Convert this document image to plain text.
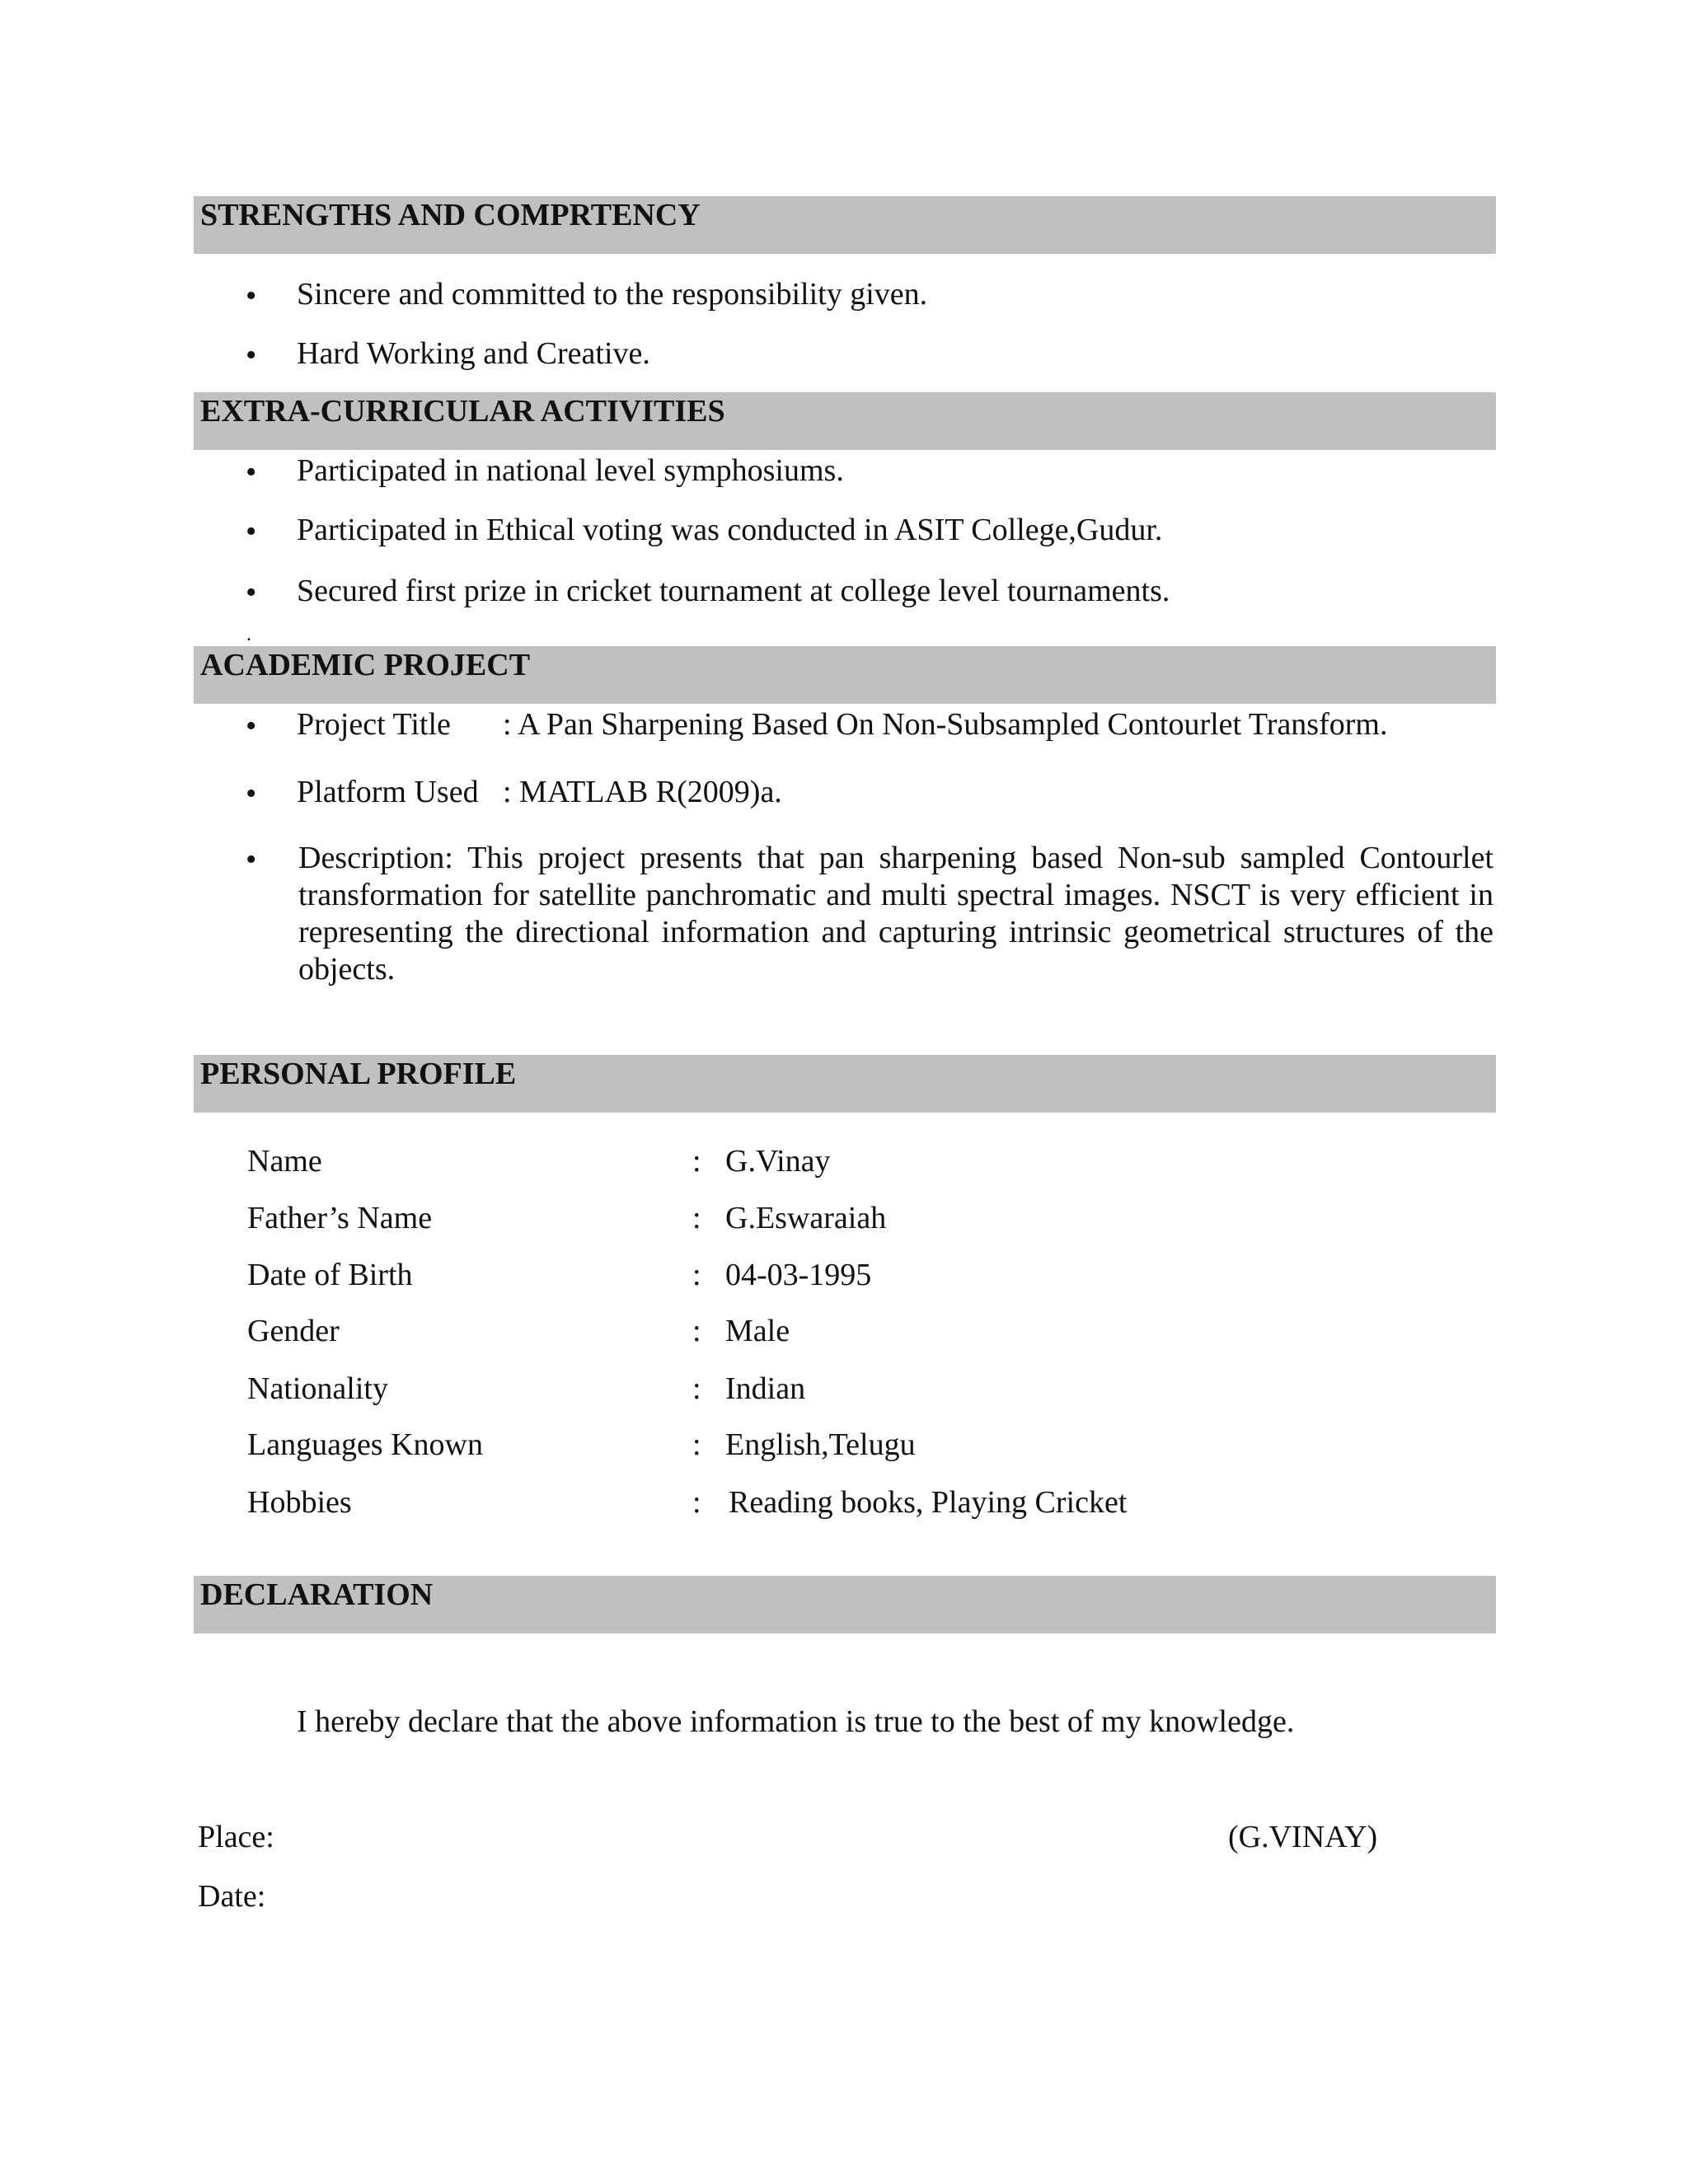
STRENGTHS AND COMPRTENCY
• Sincere and committed to the responsibility given.
• Hard Working and Creative.
EXTRA-CURRICULAR ACTIVITIES
• Participated in national level symphosiums.
• Participated in Ethical voting was conducted in ASIT College,Gudur.
• Secured first prize in cricket tournament at college level tournaments.
.
ACADEMIC PROJECT
• Project Title : A Pan Sharpening Based On Non-Subsampled Contourlet Transform.
• Platform Used : MATLAB R(2009)a.
• Description: This project presents that pan sharpening based Non-sub sampled Contourlet transformation for satellite panchromatic and multi spectral images. NSCT is very efficient in representing the directional information and capturing intrinsic geometrical structures of the objects.
PERSONAL PROFILE
Name	: G.Vinay
Father’s Name	: G.Eswaraiah
Date of Birth	: 04-03-1995
Gender	: Male
Nationality	: Indian
Languages Known	: English,Telugu
Hobbies	: Reading books, Playing Cricket
DECLARATION
I hereby declare that the above information is true to the best of my knowledge.
Place:	(G.VINAY)
Date:
